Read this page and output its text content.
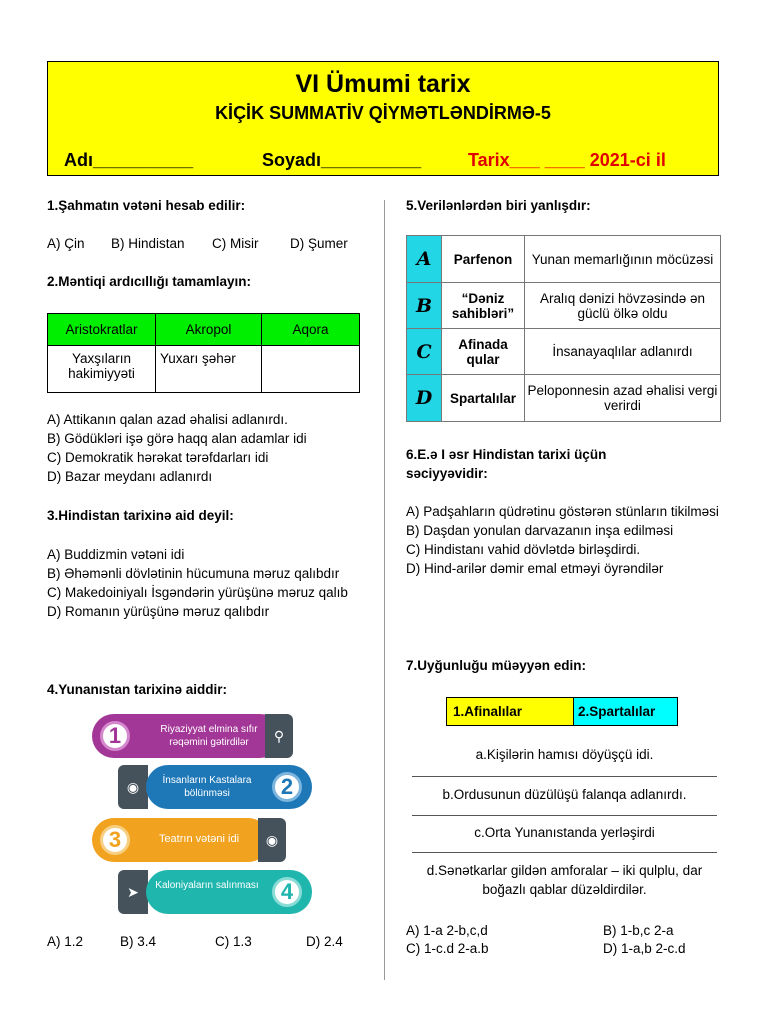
VI Ümumi tarix
KİÇİK SUMMATİV QİYMƏTLƏNDİRMƏ-5
Adı__________	Soyadı__________	Tarix___ ____ 2021-ci il
1.Şahmatın vətəni hesab edilir:
A) Çin B) Hindistan C) Misir D) Şumer
2.Məntiqi ardıcıllığı tamamlayın:
Aristokratlar	Akropol	Aqora
Yaxşıların hakimiyyəti	Yuxarı şəhər	
A) Attikanın qalan azad əhalisi adlanırdı.
B) Gödükləri işə görə haqq alan adamlar idi
C) Demokratik hərəkat tərəfdarları idi
D) Bazar meydanı adlanırdı
3.Hindistan tarixinə aid deyil:
A) Buddizmin vətəni idi
B) Əhəmənli dövlətinin hücumuna məruz qalıbdır
C) Makedoiniyalı İsgəndərin yürüşünə məruz qalıb
D) Romanın yürüşünə məruz qalıbdır
4.Yunanıstan tarixinə aiddir:
1	Riyaziyyat elmina sıfır rəqəmini gətirdilər	⚲
◉	İnsanların Kastalara bölünməsi	2
3	Teatrın vətəni idi	◉
➤	Kaloniyaların salınması	4
A) 1.2	B) 3.4	C) 1.3	D) 2.4
5.Verilənlərdən biri yanlışdır:
A	Parfenon	Yunan memarlığının möcüzəsi
B	“Dəniz sahibləri”	Aralıq dənizi hövzəsində ən güclü ölkə oldu
C	Afinada qular	İnsanayaqlılar adlanırdı
D	Spartalılar	Peloponnesin azad əhalisi vergi verirdi
6.E.ə I əsr Hindistan tarixi üçün səciyyəvidir:
A) Padşahların qüdrətinu göstərən stünların tikilməsi
B) Daşdan yonulan darvazanın inşa edilməsi
C) Hindistanı vahid dövlətdə birləşdirdi.
D) Hind-arilər dəmir emal etməyi öyrəndilər
7.Uyğunluğu müəyyən edin:
1.Afinalılar	2.Spartalılar
a.Kişilərin hamısı döyüşçü idi.
b.Ordusunun düzülüşü falanqa adlanırdı.
c.Orta Yunanıstanda yerləşirdi
d.Sənətkarlar gildən amforalar – iki qulplu, dar boğazlı qablar düzəldirdilər.
A) 1-a 2-b,c,d	B) 1-b,c 2-a
C) 1-c.d 2-a.b	D) 1-a,b 2-c.d
